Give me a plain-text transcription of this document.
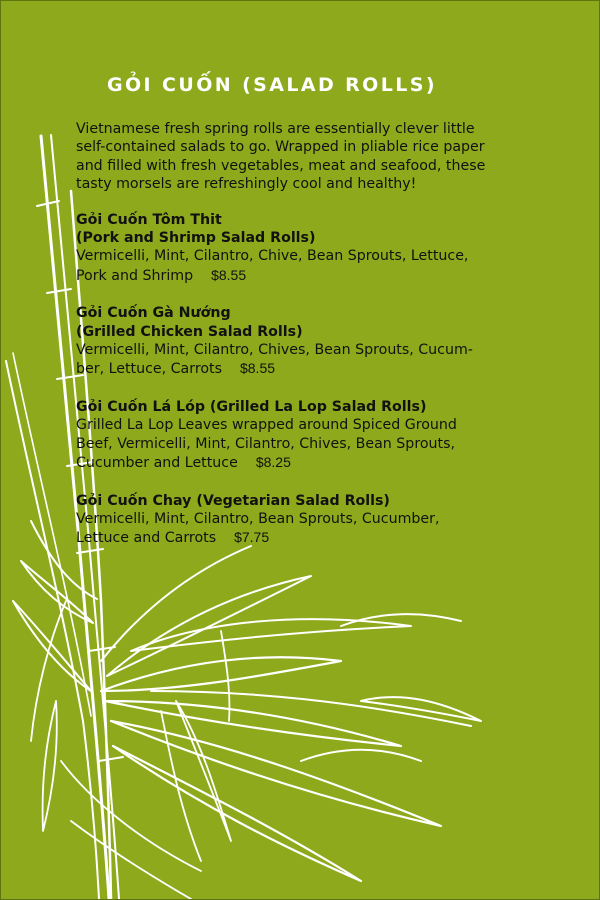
GỎI CUỐN (SALAD ROLLS)
Vietnamese fresh spring rolls are essentially clever little
self-contained salads to go. Wrapped in pliable rice paper
and filled with fresh vegetables, meat and seafood, these
tasty morsels are refreshingly cool and healthy!
Gỏi Cuốn Tôm Thit
(Pork and Shrimp Salad Rolls)
Vermicelli, Mint, Cilantro, Chive, Bean Sprouts, Lettuce,
Pork and Shrimp $8.55
Gỏi Cuốn Gà Nướng
(Grilled Chicken Salad Rolls)
Vermicelli, Mint, Cilantro, Chives, Bean Sprouts, Cucum-
ber, Lettuce, Carrots $8.55
Gỏi Cuốn Lá Lóp (Grilled La Lop Salad Rolls)
Grilled La Lop Leaves wrapped around Spiced Ground
Beef, Vermicelli, Mint, Cilantro, Chives, Bean Sprouts,
Cucumber and Lettuce $8.25
Gỏi Cuốn Chay (Vegetarian Salad Rolls)
Vermicelli, Mint, Cilantro, Bean Sprouts, Cucumber,
Lettuce and Carrots $7.75
